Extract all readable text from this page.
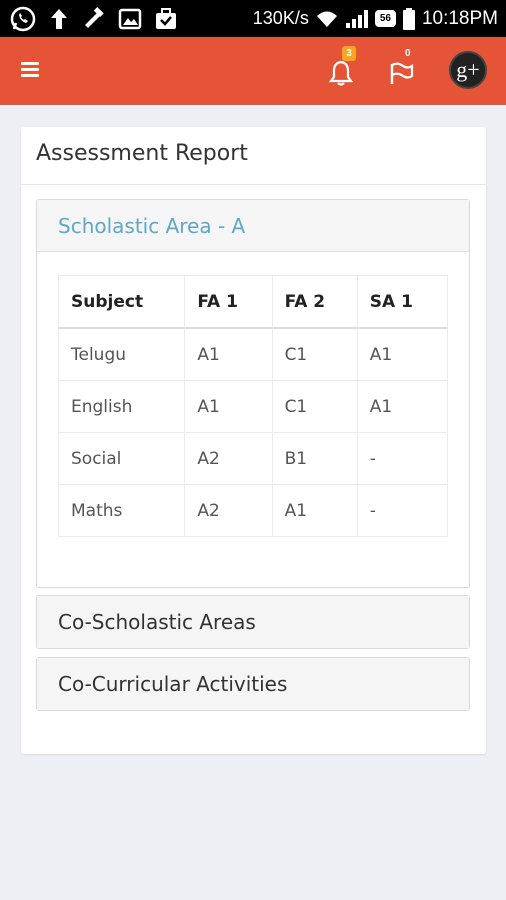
130K/s	56 10:18PM
3	0
g+
Assessment Report
Scholastic Area - A
Subject	FA 1	FA 2	SA 1
Telugu	A1	C1	A1
English	A1	C1	A1
Social	A2	B1	-
Maths	A2	A1	-
Co-Scholastic Areas
Co-Curricular Activities
